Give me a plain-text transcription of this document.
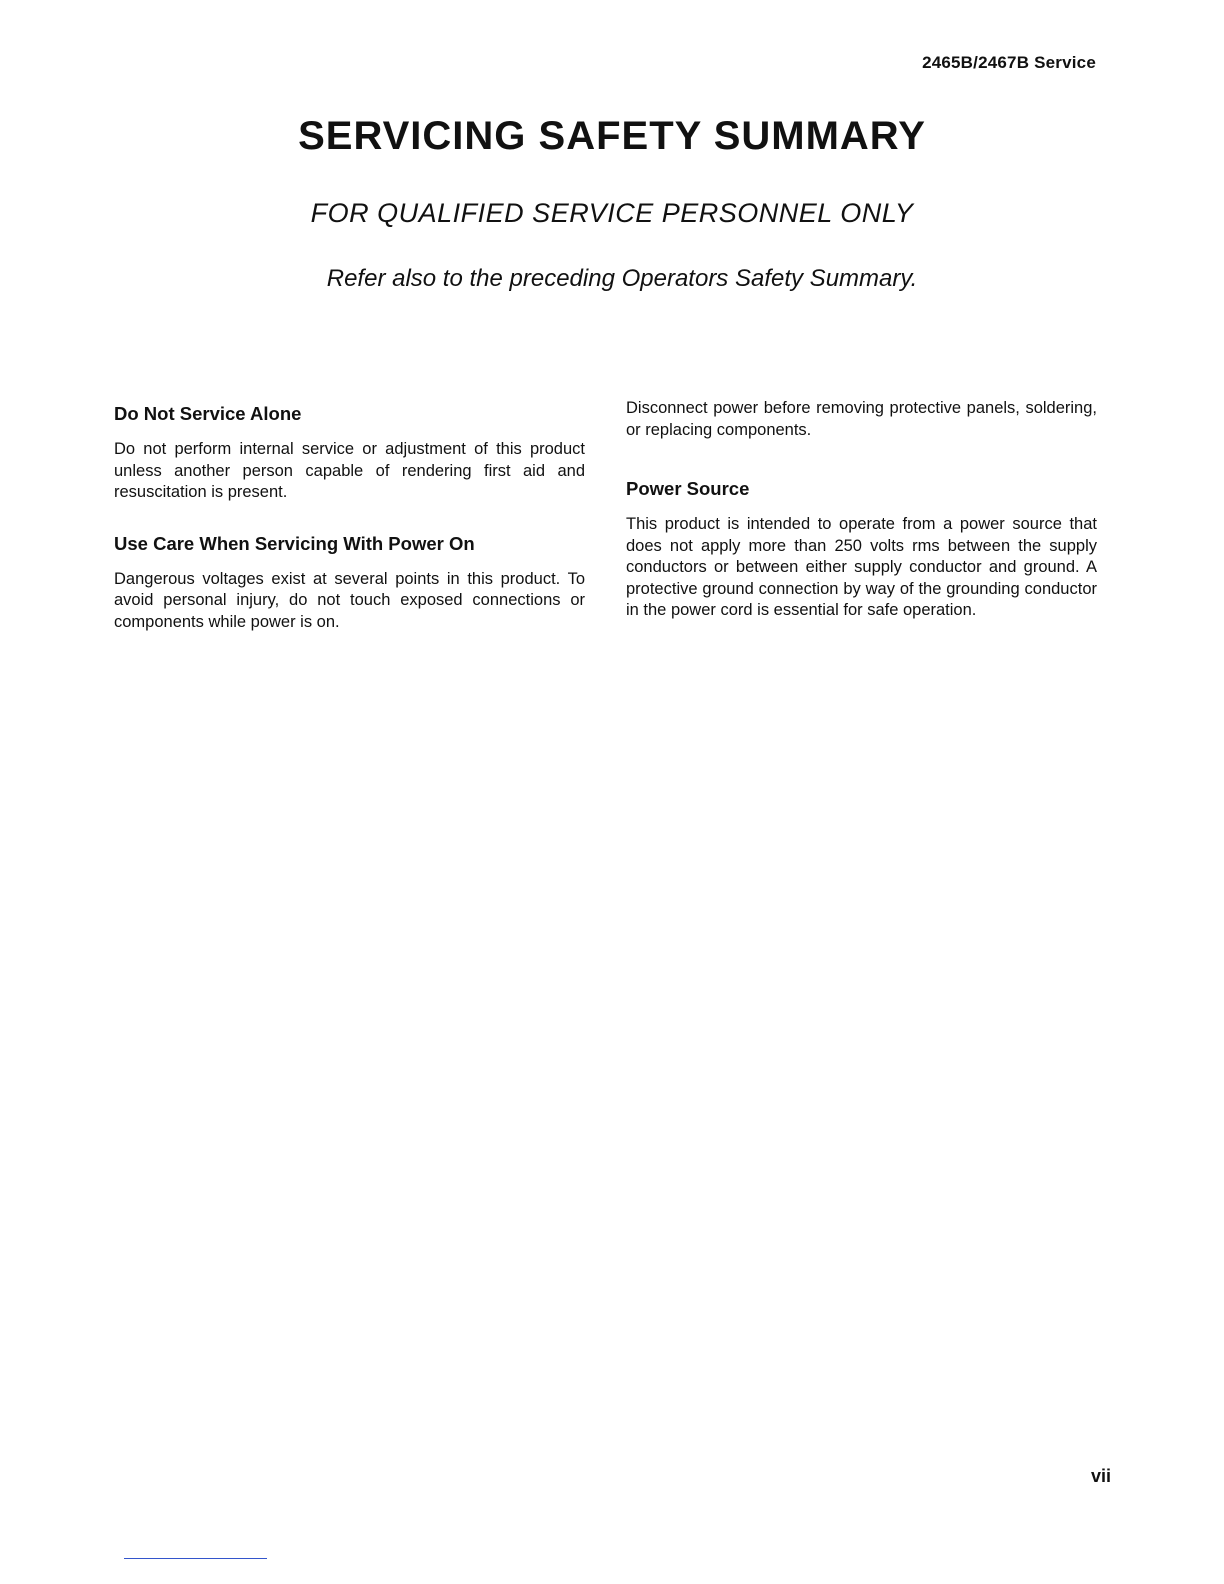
2465B/2467B Service
SERVICING SAFETY SUMMARY
FOR QUALIFIED SERVICE PERSONNEL ONLY
Refer also to the preceding Operators Safety Summary.
Do Not Service Alone

Do not perform internal service or adjustment of this product unless another person capable of rendering first aid and resuscitation is present.

Use Care When Servicing With Power On

Dangerous voltages exist at several points in this product. To avoid personal injury, do not touch exposed connections or components while power is on.

Disconnect power before removing protective panels, soldering, or replacing components.

Power Source

This product is intended to operate from a power source that does not apply more than 250 volts rms between the supply conductors or between either supply conductor and ground. A protective ground connection by way of the grounding conductor in the power cord is essential for safe operation.

vii
